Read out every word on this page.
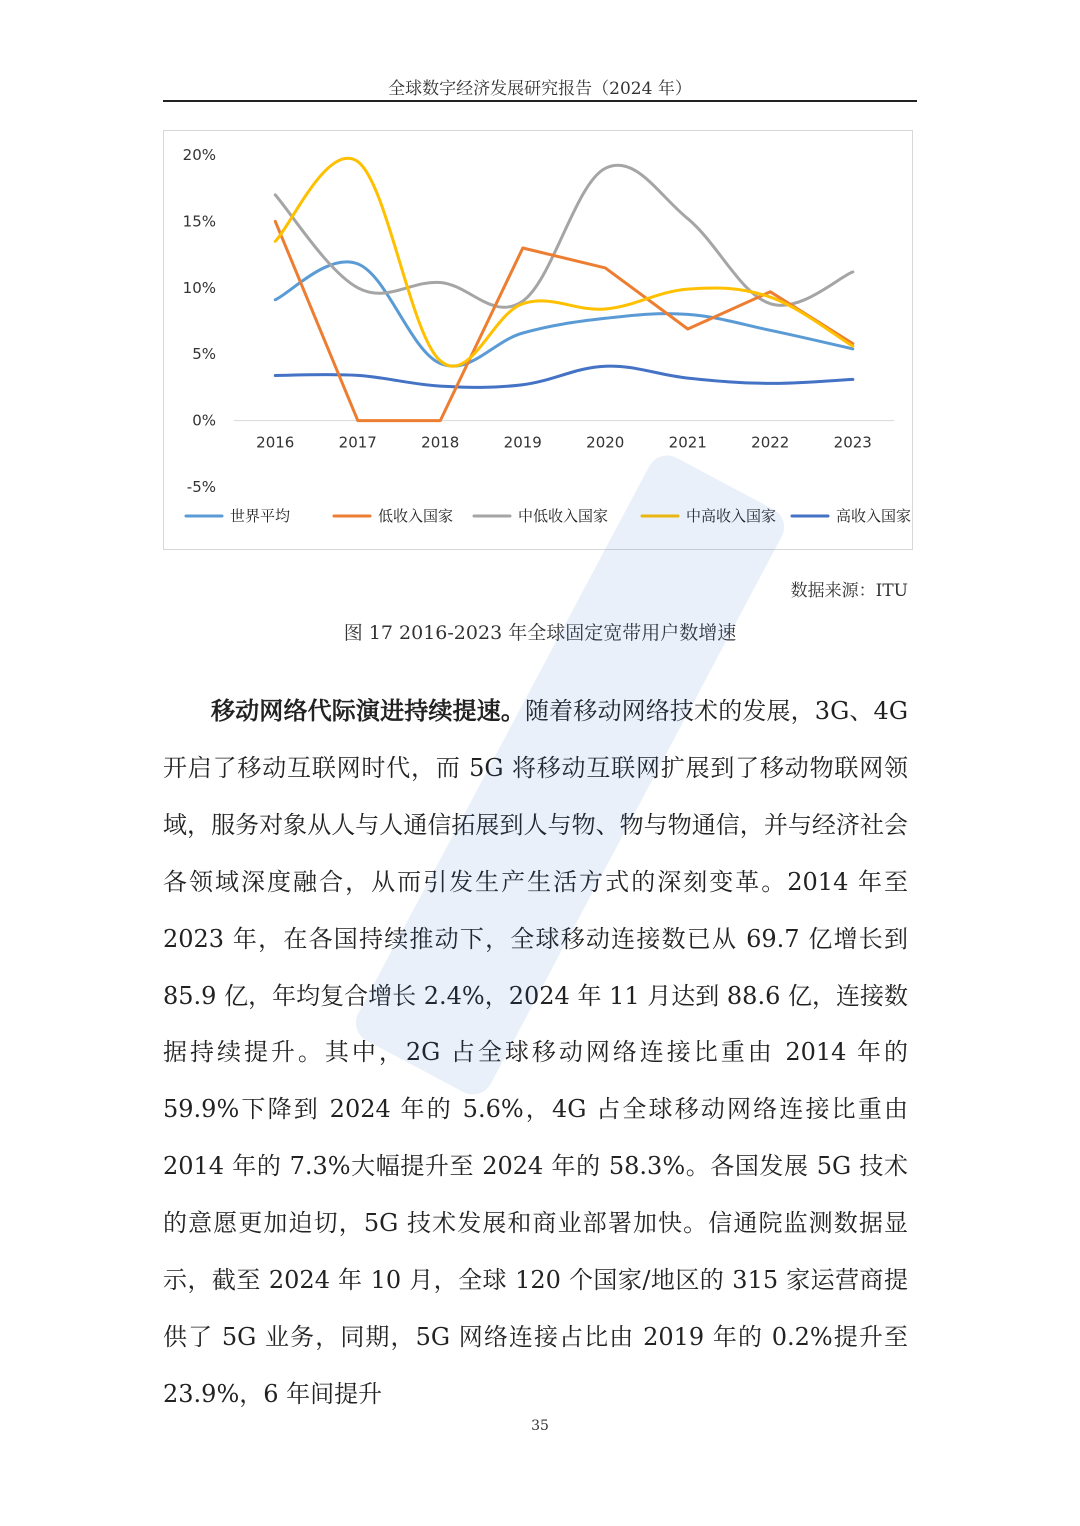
全球数字经济发展研究报告（2024 年）
20%
15%
10%
5%
0%
-5%
2016	2017	2018	2019	2020	2021	2022	2023
世界平均	低收入国家	中低收入国家	中高收入国家	高收入国家
数据来源：ITU
图 17 2016-2023 年全球固定宽带用户数增速
移动网络代际演进持续提速。随着移动网络技术的发展，3G、4G 开启了移动互联网时代，而 5G 将移动互联网扩展到了移动物联网领域，服务对象从人与人通信拓展到人与物、物与物通信，并与经济社会各领域深度融合，从而引发生产生活方式的深刻变革。2014 年至 2023 年，在各国持续推动下，全球移动连接数已从 69.7 亿增长到 85.9 亿，年均复合增长 2.4%，2024 年 11 月达到 88.6 亿，连接数据持续提升。其中，2G 占全球移动网络连接比重由 2014 年的 59.9%下降到 2024 年的 5.6%，4G 占全球移动网络连接比重由 2014 年的 7.3%大幅提升至 2024 年的 58.3%。各国发展 5G 技术的意愿更加迫切，5G 技术发展和商业部署加快。信通院监测数据显示，截至 2024 年 10 月，全球 120 个国家/地区的 315 家运营商提供了 5G 业务，同期，5G 网络连接占比由 2019 年的 0.2%提升至 23.9%，6 年间提升
35
